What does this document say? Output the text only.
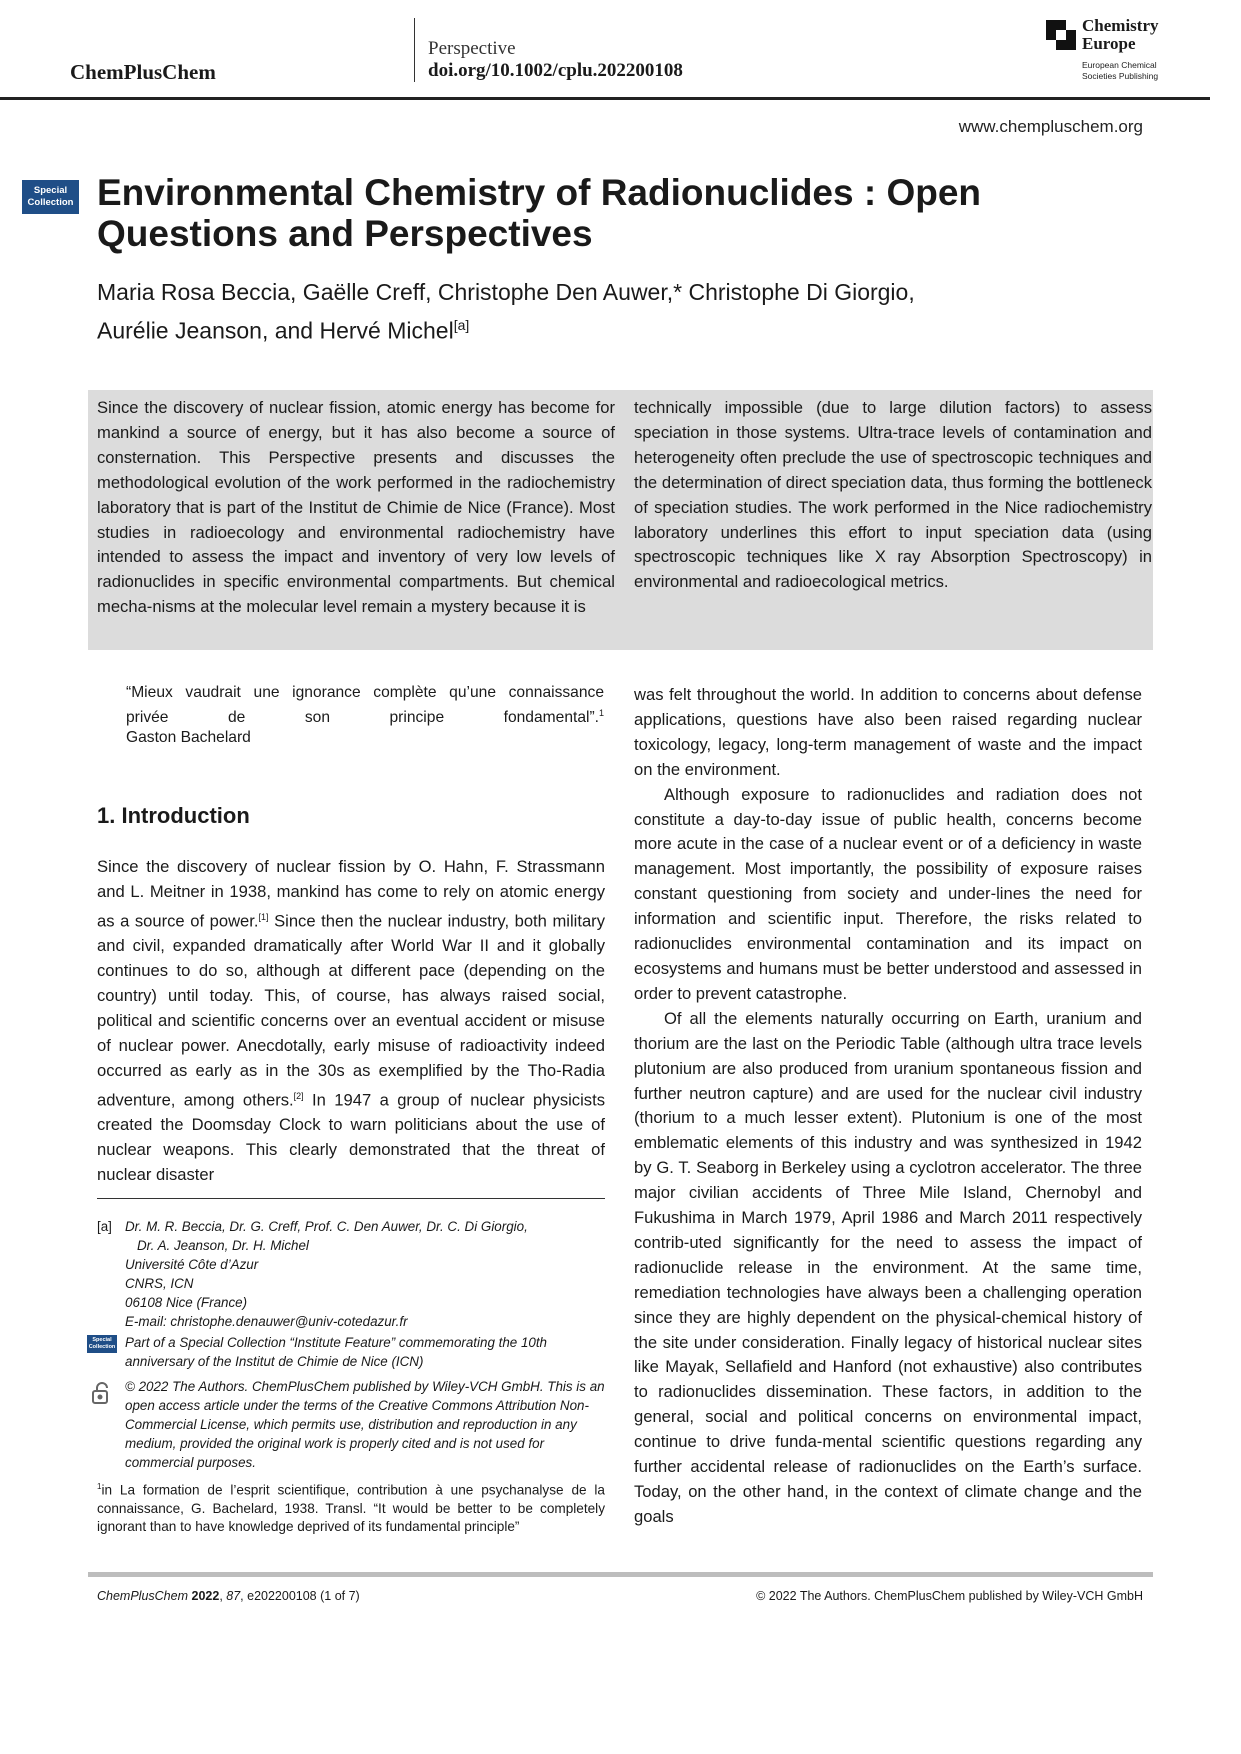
ChemPlusChem
Perspective
doi.org/10.1002/cplu.202200108
Chemistry
Europe
European Chemical
Societies Publishing
www.chempluschem.org
Special
Collection Environmental Chemistry of Radionuclides : Open Questions and Perspectives
Maria Rosa Beccia, Gaëlle Creff, Christophe Den Auwer,* Christophe Di Giorgio,
Aurélie Jeanson, and Hervé Michel[a]
Since the discovery of nuclear fission, atomic energy has become for mankind a source of energy, but it has also become a source of consternation. This Perspective presents and discusses the methodological evolution of the work performed in the radiochemistry laboratory that is part of the Institut de Chimie de Nice (France). Most studies in radioecology and environmental radiochemistry have intended to assess the impact and inventory of very low levels of radionuclides in specific environmental compartments. But chemical mecha-nisms at the molecular level remain a mystery because it is
technically impossible (due to large dilution factors) to assess speciation in those systems. Ultra-trace levels of contamination and heterogeneity often preclude the use of spectroscopic techniques and the determination of direct speciation data, thus forming the bottleneck of speciation studies. The work performed in the Nice radiochemistry laboratory underlines this effort to input speciation data (using spectroscopic techniques like X ray Absorption Spectroscopy) in environmental and radioecological metrics.
“Mieux vaudrait une ignorance complète qu’une connaissance
privée de son principe fondamental”.$^1$
Gaston Bachelard
1. Introduction
Since the discovery of nuclear fission by O. Hahn, F. Strassmann and L. Meitner in 1938, mankind has come to rely on atomic energy as a source of power.[1] Since then the nuclear industry, both military and civil, expanded dramatically after World War II and it globally continues to do so, although at different pace (depending on the country) until today. This, of course, has always raised social, political and scientific concerns over an eventual accident or misuse of nuclear power. Anecdotally, early misuse of radioactivity indeed occurred as early as in the 30s as exemplified by the Tho-Radia adventure, among others.[2] In 1947 a group of nuclear physicists created the Doomsday Clock to warn politicians about the use of nuclear weapons. This clearly demonstrated that the threat of nuclear disaster

was felt throughout the world. In addition to concerns about defense applications, questions have also been raised regarding nuclear toxicology, legacy, long-term management of waste and the impact on the environment.

Although exposure to radionuclides and radiation does not constitute a day-to-day issue of public health, concerns become more acute in the case of a nuclear event or of a deficiency in waste management. Most importantly, the possibility of exposure raises constant questioning from society and under-lines the need for information and scientific input. Therefore, the risks related to radionuclides environmental contamination and its impact on ecosystems and humans must be better understood and assessed in order to prevent catastrophe.

Of all the elements naturally occurring on Earth, uranium and thorium are the last on the Periodic Table (although ultra trace levels plutonium are also produced from uranium spontaneous fission and further neutron capture) and are used for the nuclear civil industry (thorium to a much lesser extent). Plutonium is one of the most emblematic elements of this industry and was synthesized in 1942 by G. T. Seaborg in Berkeley using a cyclotron accelerator. The three major civilian accidents of Three Mile Island, Chernobyl and Fukushima in March 1979, April 1986 and March 2011 respectively contrib-uted significantly for the need to assess the impact of radionuclide release in the environment. At the same time, remediation technologies have always been a challenging operation since they are highly dependent on the physical-chemical history of the site under consideration. Finally legacy of historical nuclear sites like Mayak, Sellafield and Hanford (not exhaustive) also contributes to radionuclides dissemination. These factors, in addition to the general, social and political concerns on environmental impact, continue to drive funda-mental scientific questions regarding any further accidental release of radionuclides on the Earth’s surface. Today, on the other hand, in the context of climate change and the goals

[a] Dr. M. R. Beccia, Dr. G. Creff, Prof. C. Den Auwer, Dr. C. Di Giorgio,
Dr. A. Jeanson, Dr. H. Michel
Université Côte d’Azur
CNRS, ICN
06108 Nice (France)
E-mail: christophe.denauwer@univ-cotedazur.fr
Special
Collection Part of a Special Collection “Institute Feature” commemorating the 10th anniversary of the Institut de Chimie de Nice (ICN)
© 2022 The Authors. ChemPlusChem published by Wiley-VCH GmbH. This is an open access article under the terms of the Creative Commons Attribution Non-Commercial License, which permits use, distribution and reproduction in any medium, provided the original work is properly cited and is not used for commercial purposes.
$^1$in La formation de l’esprit scientifique, contribution à une psychanalyse de la connaissance, G. Bachelard, 1938. Transl. “It would be better to be completely ignorant than to have knowledge deprived of its fundamental principle”
ChemPlusChem 2022, 87, e202200108 (1 of 7)	© 2022 The Authors. ChemPlusChem published by Wiley-VCH GmbH
